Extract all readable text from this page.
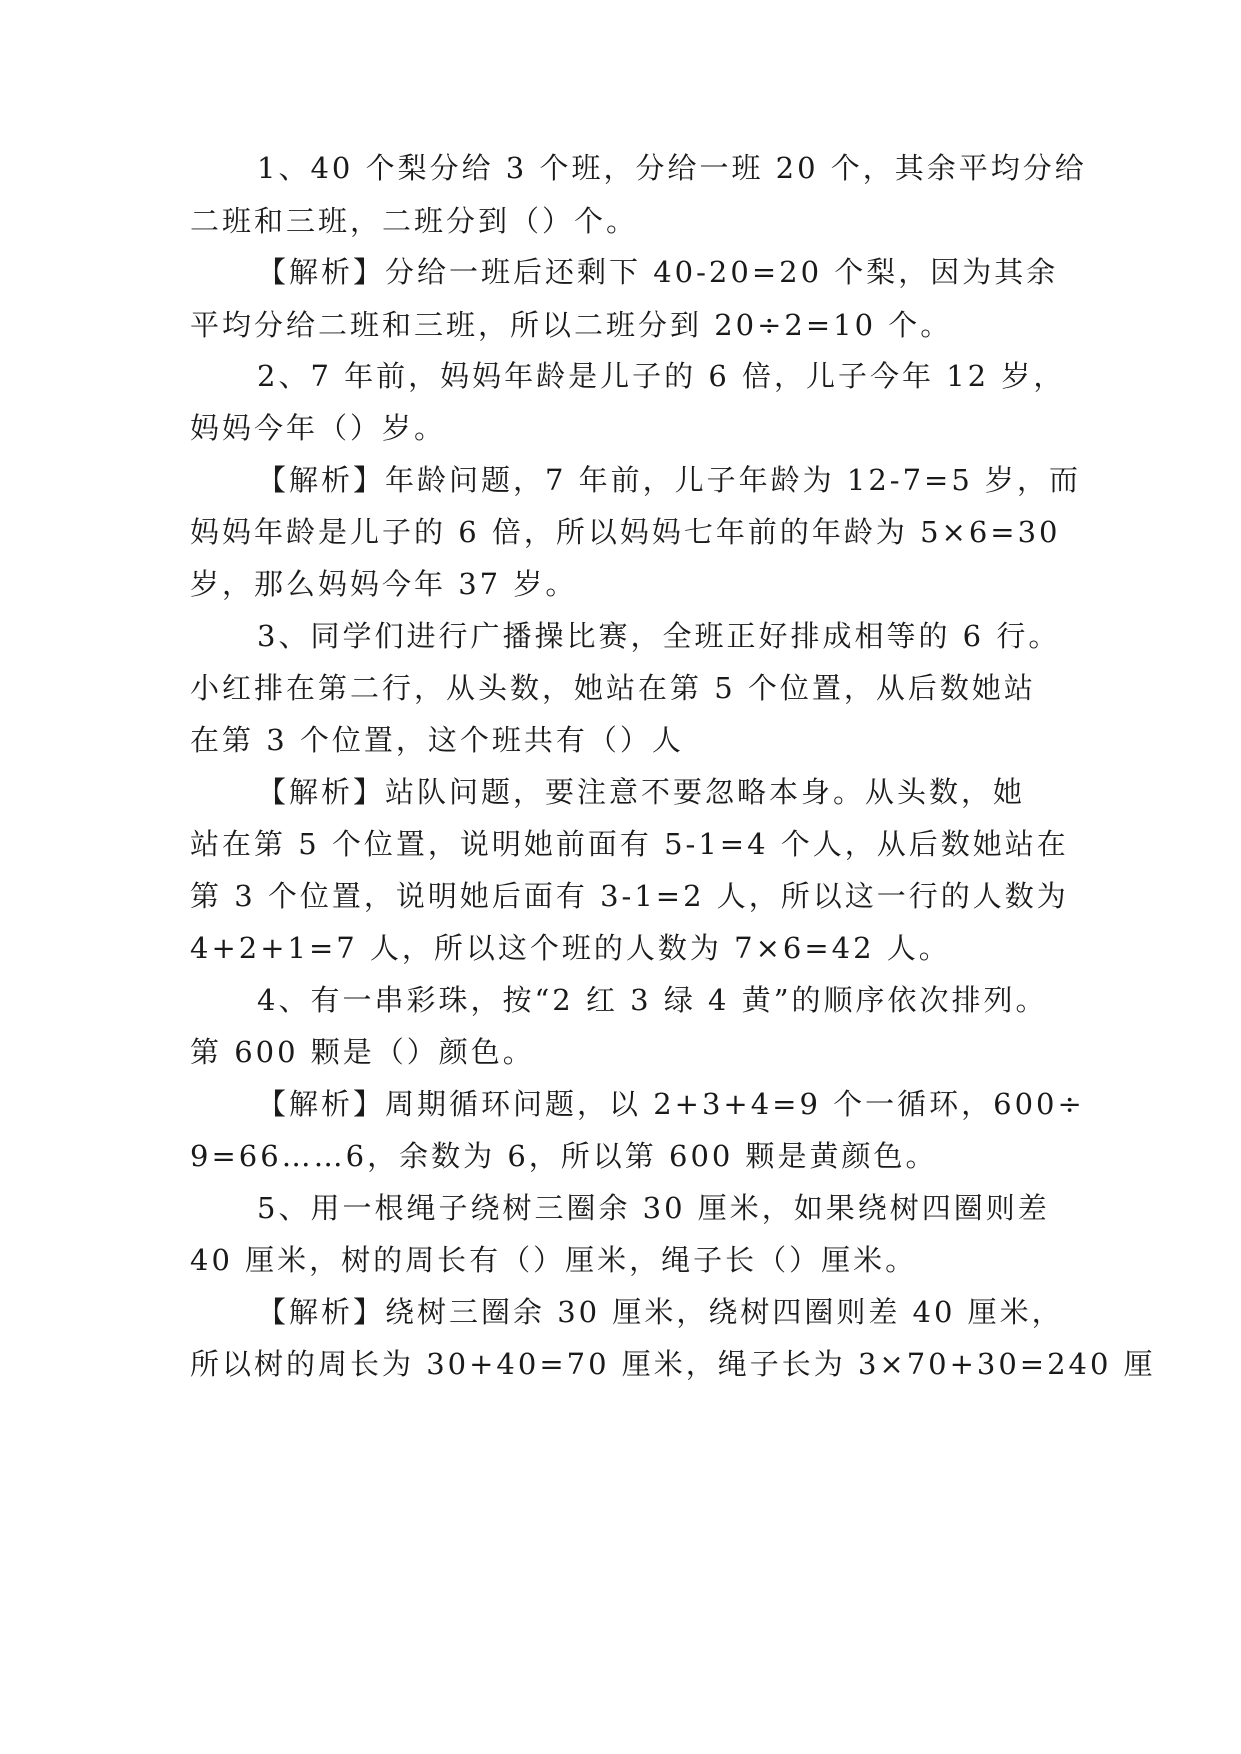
1、40 个梨分给 3 个班，分给一班 20 个，其余平均分给
二班和三班，二班分到（）个。
【解析】分给一班后还剩下 40-20=20 个梨，因为其余
平均分给二班和三班，所以二班分到 20÷2=10 个。
2、7 年前，妈妈年龄是儿子的 6 倍，儿子今年 12 岁，
妈妈今年（）岁。
【解析】年龄问题，7 年前，儿子年龄为 12-7=5 岁，而
妈妈年龄是儿子的 6 倍，所以妈妈七年前的年龄为 5×6=30
岁，那么妈妈今年 37 岁。
3、同学们进行广播操比赛，全班正好排成相等的 6 行。
小红排在第二行，从头数，她站在第 5 个位置，从后数她站
在第 3 个位置，这个班共有（）人
【解析】站队问题，要注意不要忽略本身。从头数，她
站在第 5 个位置，说明她前面有 5-1=4 个人，从后数她站在
第 3 个位置，说明她后面有 3-1=2 人，所以这一行的人数为
4+2+1=7 人，所以这个班的人数为 7×6=42 人。
4、有一串彩珠，按“2 红 3 绿 4 黄”的顺序依次排列。
第 600 颗是（）颜色。
【解析】周期循环问题，以 2+3+4=9 个一循环，600÷
9=66……6，余数为 6，所以第 600 颗是黄颜色。
5、用一根绳子绕树三圈余 30 厘米，如果绕树四圈则差
40 厘米，树的周长有（）厘米，绳子长（）厘米。
【解析】绕树三圈余 30 厘米，绕树四圈则差 40 厘米，
所以树的周长为 30+40=70 厘米，绳子长为 3×70+30=240 厘
